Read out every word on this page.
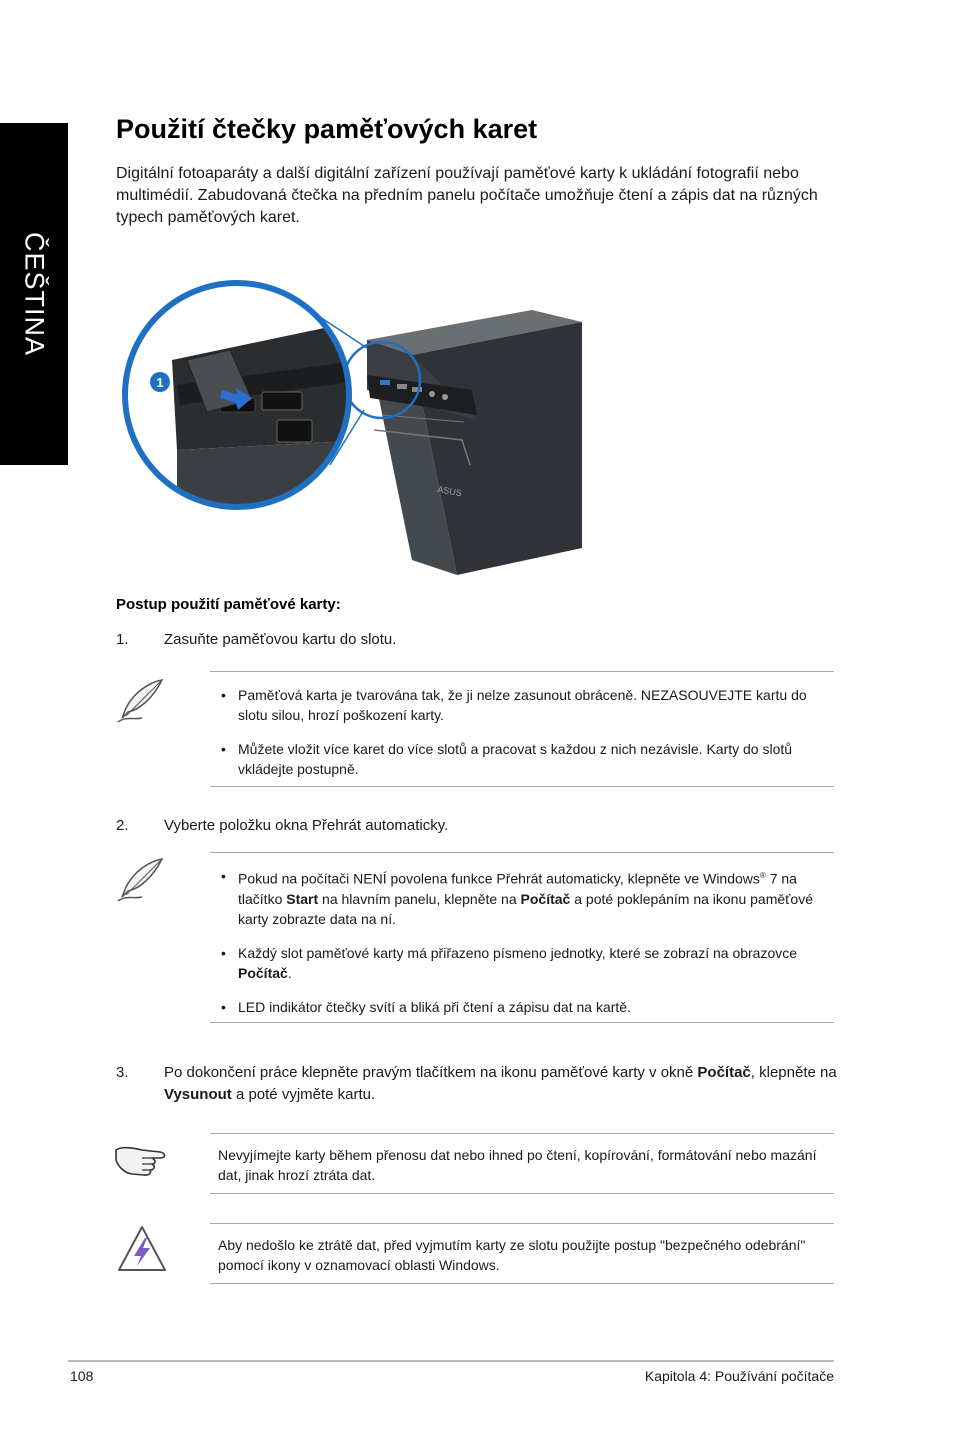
ČEŠTINA
Použití čtečky paměťových karet

Digitální fotoaparáty a další digitální zařízení používají paměťové karty k ukládání fotografií nebo multimédií. Zabudovaná čtečka na předním panelu počítače umožňuje čtení a zápis dat na různých typech paměťových karet.

ASUS
1
Postup použití paměťové karty:
1. Zasuňte paměťovou kartu do slotu.
• Paměťová karta je tvarována tak, že ji nelze zasunout obráceně. NEZASOUVEJTE kartu do slotu silou, hrozí poškození karty.
• Můžete vložit více karet do více slotů a pracovat s každou z nich nezávisle. Karty do slotů vkládejte postupně.
2. Vyberte položku okna Přehrát automaticky.
• Pokud na počítači NENÍ povolena funkce Přehrát automaticky, klepněte ve Windows® 7 na tlačítko Start na hlavním panelu, klepněte na Počítač a poté poklepáním na ikonu paměťové karty zobrazte data na ní.
• Každý slot paměťové karty má přiřazeno písmeno jednotky, které se zobrazí na obrazovce Počítač.
• LED indikátor čtečky svítí a bliká při čtení a zápisu dat na kartě.
3. Po dokončení práce klepněte pravým tlačítkem na ikonu paměťové karty v okně Počítač, klepněte na Vysunout a poté vyjměte kartu.

Nevyjímejte karty během přenosu dat nebo ihned po čtení, kopírování, formátování nebo mazání dat, jinak hrozí ztráta dat.

Aby nedošlo ke ztrátě dat, před vyjmutím karty ze slotu použijte postup "bezpečného odebrání" pomocí ikony v oznamovací oblasti Windows.

108	Kapitola 4: Používání počítače
